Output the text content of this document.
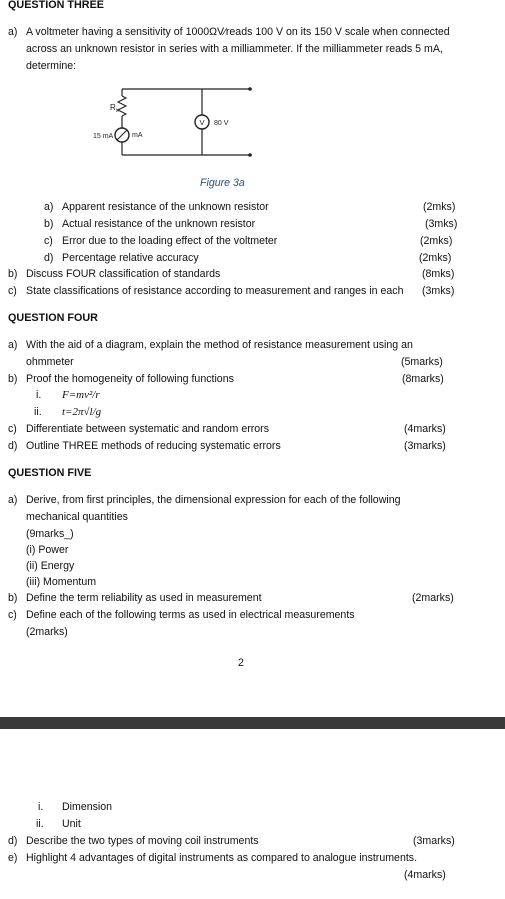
QUESTION THREE
a) A voltmeter having a sensitivity of 1000ΩV∕reads 100 V on its 150 V scale when connected
across an unknown resistor in series with a milliammeter. If the milliammeter reads 5 mA,
determine:
$R_x$
V 80 V
15 mA	mA
Figure 3a
a) Apparent resistance of the unknown resistor	(2mks)
b) Actual resistance of the unknown resistor	(3mks)
c) Error due to the loading effect of the voltmeter	(2mks)
d) Percentage relative accuracy	(2mks)
b) Discuss FOUR classification of standards	(8mks)
c) State classifications of resistance according to measurement and ranges in each (3mks)
QUESTION FOUR
a) With the aid of a diagram, explain the method of resistance measurement using an
ohmmeter	(5marks)
b) Proof the homogeneity of following functions	(8marks)
i. F=mv²/r
ii. t=2π√l/g
c) Differentiate between systematic and random errors	(4marks)
d) Outline THREE methods of reducing systematic errors	(3marks)
QUESTION FIVE
a) Derive, from first principles, the dimensional expression for each of the following
mechanical quantities
(9marks_)
(i) Power
(ii) Energy
(iii) Momentum
b) Define the term reliability as used in measurement	(2marks)
c) Define each of the following terms as used in electrical measurements
(2marks)
2
i. Dimension
ii. Unit
d) Describe the two types of moving coil instruments	(3marks)
e) Highlight 4 advantages of digital instruments as compared to analogue instruments.
(4marks)
